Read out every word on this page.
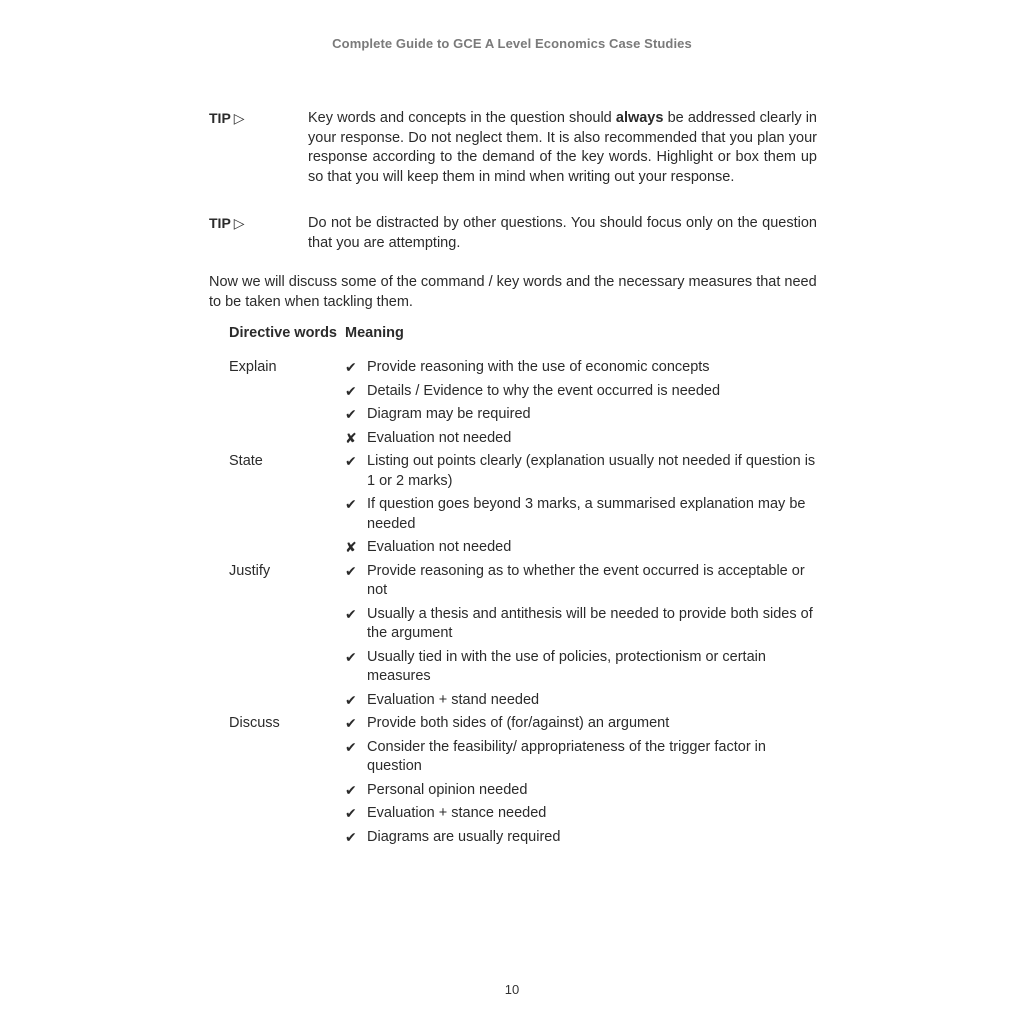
Complete Guide to GCE A Level Economics Case Studies
TIP ▷	Key words and concepts in the question should always be addressed clearly in your response. Do not neglect them. It is also recommended that you plan your response according to the demand of the key words. Highlight or box them up so that you will keep them in mind when writing out your response.
TIP ▷	Do not be distracted by other questions. You should focus only on the question that you are attempting.
Now we will discuss some of the command / key words and the necessary measures that need to be taken when tackling them.
Directive words Meaning
Explain	✔ Provide reasoning with the use of economic concepts
✔ Details / Evidence to why the event occurred is needed
✔ Diagram may be required
✘ Evaluation not needed
State	✔ Listing out points clearly (explanation usually not needed if question is 1 or 2 marks)
✔ If question goes beyond 3 marks, a summarised explanation may be needed
✘ Evaluation not needed
Justify	✔ Provide reasoning as to whether the event occurred is acceptable or not
✔ Usually a thesis and antithesis will be needed to provide both sides of the argument
✔ Usually tied in with the use of policies, protectionism or certain measures
✔ Evaluation + stand needed
Discuss	✔ Provide both sides of (for/against) an argument
✔ Consider the feasibility/ appropriateness of the trigger factor in question
✔ Personal opinion needed
✔ Evaluation + stance needed
✔ Diagrams are usually required
10
